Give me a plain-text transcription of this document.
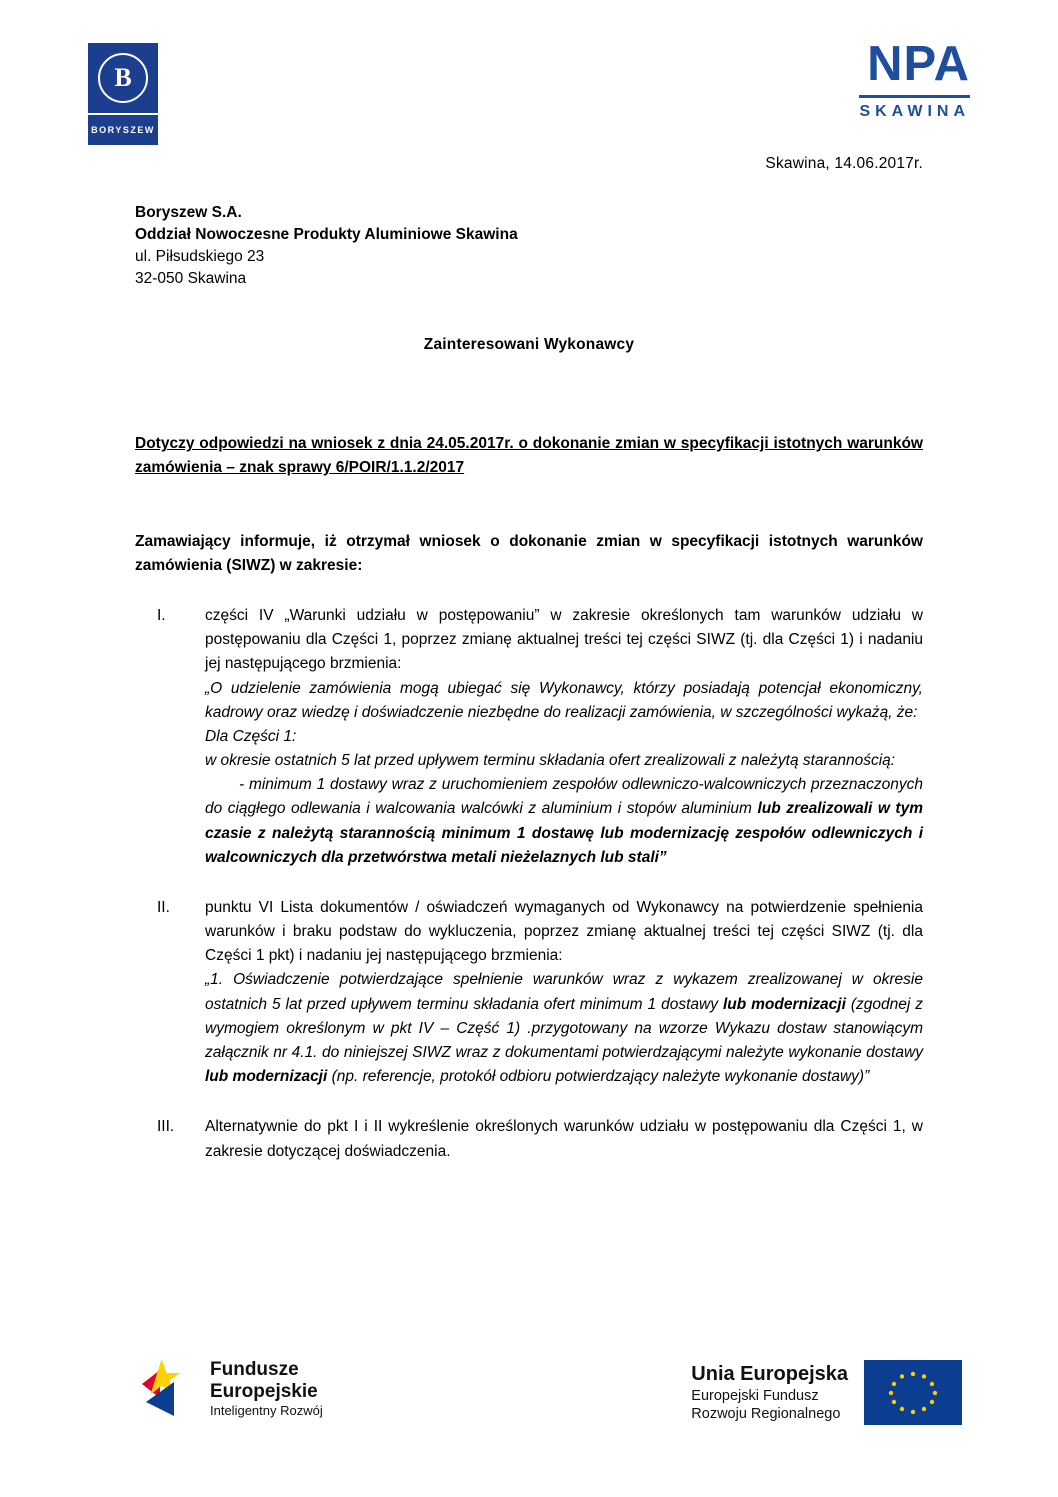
B
BORYSZEW
NPA
SKAWINA
Skawina, 14.06.2017r.
Boryszew S.A.
Oddział Nowoczesne Produkty Aluminiowe Skawina
ul. Piłsudskiego 23
32-050 Skawina
Zainteresowani Wykonawcy
Dotyczy odpowiedzi na wniosek z dnia 24.05.2017r. o dokonanie zmian w specyfikacji istotnych warunków zamówienia – znak sprawy 6/POIR/1.1.2/2017
Zamawiający informuje, iż otrzymał wniosek o dokonanie zmian w specyfikacji istotnych warunków zamówienia (SIWZ) w zakresie:
I.	części IV „Warunki udziału w postępowaniu” w zakresie określonych tam warunków udziału w postępowaniu dla Części 1, poprzez zmianę aktualnej treści tej części SIWZ (tj. dla Części 1) i nadaniu jej następującego brzmienia:
„O udzielenie zamówienia mogą ubiegać się Wykonawcy, którzy posiadają potencjał ekonomiczny, kadrowy oraz wiedzę i doświadczenie niezbędne do realizacji zamówienia, w szczególności wykażą, że:
Dla Części 1:
w okresie ostatnich 5 lat przed upływem terminu składania ofert zrealizowali z należytą starannością:
- minimum 1 dostawy wraz z uruchomieniem zespołów odlewniczo-walcowniczych przeznaczonych do ciągłego odlewania i walcowania walcówki z aluminium i stopów aluminium lub zrealizowali w tym czasie z należytą starannością minimum 1 dostawę lub modernizację zespołów odlewniczych i walcowniczych dla przetwórstwa metali nieżelaznych lub stali”
II.	punktu VI Lista dokumentów / oświadczeń wymaganych od Wykonawcy na potwierdzenie spełnienia warunków i braku podstaw do wykluczenia, poprzez zmianę aktualnej treści tej części SIWZ (tj. dla Części 1 pkt) i nadaniu jej następującego brzmienia:
„1. Oświadczenie potwierdzające spełnienie warunków wraz z wykazem zrealizowanej w okresie ostatnich 5 lat przed upływem terminu składania ofert minimum 1 dostawy lub modernizacji (zgodnej z wymogiem określonym w pkt IV – Część 1) .przygotowany na wzorze Wykazu dostaw stanowiącym załącznik nr 4.1. do niniejszej SIWZ wraz z dokumentami potwierdzającymi należyte wykonanie dostawy lub modernizacji (np. referencje, protokół odbioru potwierdzający należyte wykonanie dostawy)”
III.	Alternatywnie do pkt I i II wykreślenie określonych warunków udziału w postępowaniu dla Części 1, w zakresie dotyczącej doświadczenia.
Fundusze
Europejskie
Inteligentny Rozwój
Unia Europejska
Europejski Fundusz
Rozwoju Regionalnego
